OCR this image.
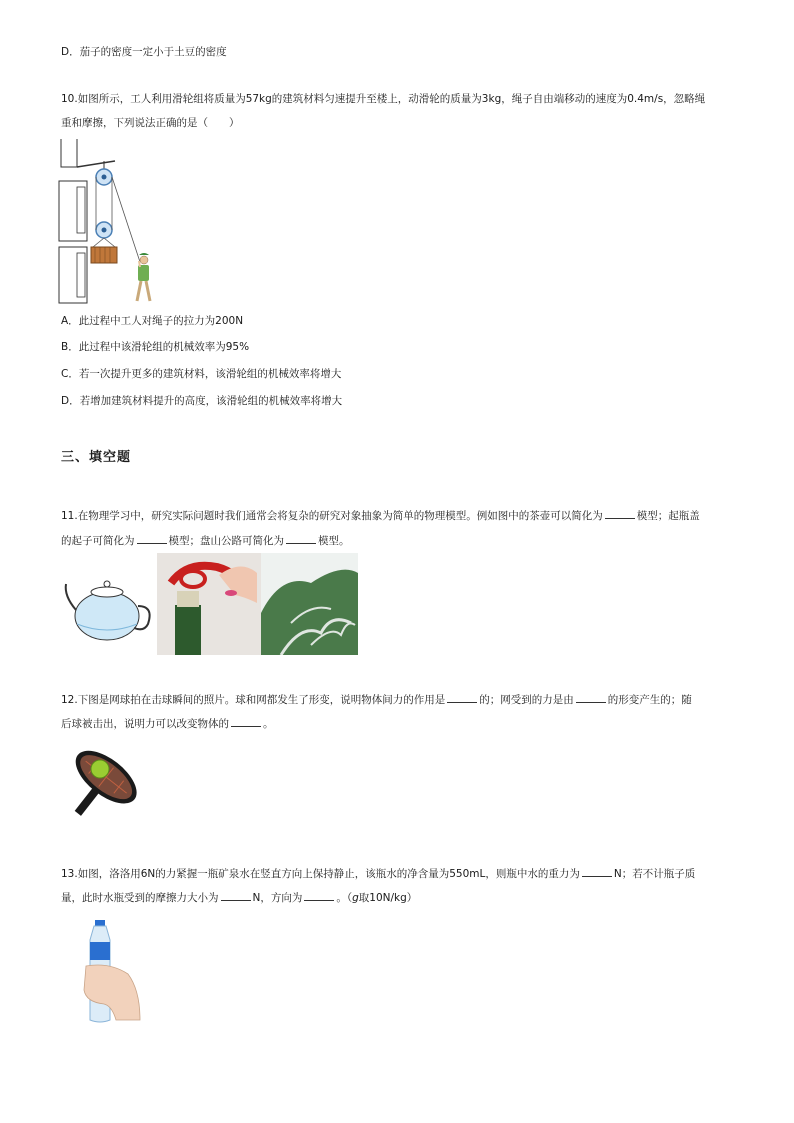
D．茄子的密度一定小于土豆的密度
10.如图所示，工人利用滑轮组将质量为57kg的建筑材料匀速提升至楼上，动滑轮的质量为3kg，绳子自由端移动的速度为0.4m/s，忽略绳
重和摩擦，下列说法正确的是（　　）
A．此过程中工人对绳子的拉力为200N
B．此过程中该滑轮组的机械效率为95%
C．若一次提升更多的建筑材料，该滑轮组的机械效率将增大
D．若增加建筑材料提升的高度，该滑轮组的机械效率将增大
三、填空题
11.在物理学习中，研究实际问题时我们通常会将复杂的研究对象抽象为简单的物理模型。例如图中的茶壶可以简化为	模型；起瓶盖
的起子可简化为	模型；盘山公路可简化为	模型。
12.下图是网球拍在击球瞬间的照片。球和网都发生了形变，说明物体间力的作用是	的；网受到的力是由	的形变产生的；随
后球被击出，说明力可以改变物体的	。
13.如图，洛洛用6N的力紧握一瓶矿泉水在竖直方向上保持静止，该瓶水的净含量为550mL，则瓶中水的重力为	N；若不计瓶子质
量，此时水瓶受到的摩擦力大小为	N，方向为	。（g取10N/kg）
